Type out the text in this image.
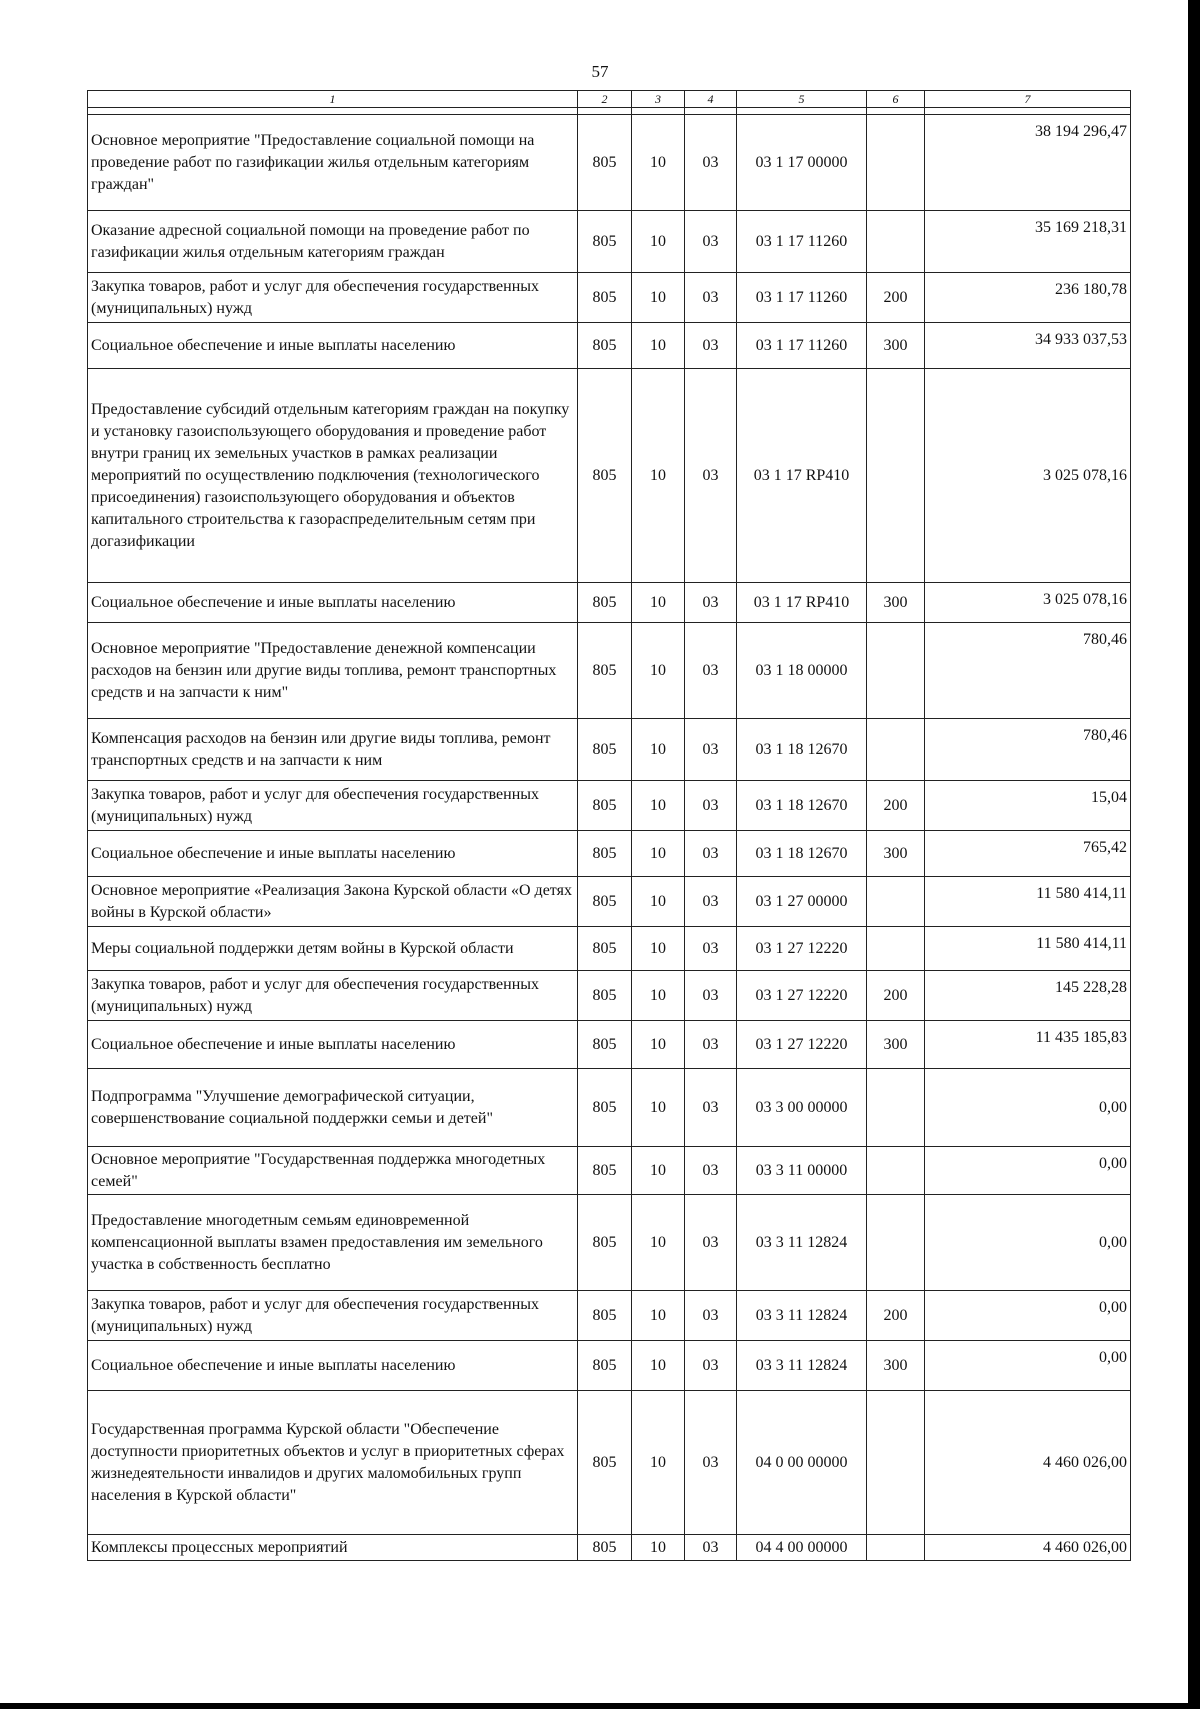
57
1	2	3	4	5	6	7

Основное мероприятие "Предоставление социальной помощи на проведение работ по газификации жилья отдельным категориям граждан"	805	10	03	03 1 17 00000		38 194 296,47
Оказание адресной социальной помощи на проведение работ по газификации жилья отдельным категориям граждан	805	10	03	03 1 17 11260		35 169 218,31
Закупка товаров, работ и услуг для обеспечения государственных (муниципальных) нужд	805	10	03	03 1 17 11260	200	236 180,78
Социальное обеспечение и иные выплаты населению	805	10	03	03 1 17 11260	300	34 933 037,53
Предоставление субсидий отдельным категориям граждан на покупку и установку газоиспользующего оборудования и проведение работ внутри границ их земельных участков в рамках реализации мероприятий по осуществлению подключения (технологического присоединения) газоиспользующего оборудования и объектов капитального строительства к газораспределительным сетям при догазификации	805	10	03	03 1 17 RP410		3 025 078,16
Социальное обеспечение и иные выплаты населению	805	10	03	03 1 17 RP410	300	3 025 078,16
Основное мероприятие "Предоставление денежной компенсации расходов на бензин или другие виды топлива, ремонт транспортных средств и на запчасти к ним"	805	10	03	03 1 18 00000		780,46
Компенсация расходов на бензин или другие виды топлива, ремонт транспортных средств и на запчасти к ним	805	10	03	03 1 18 12670		780,46
Закупка товаров, работ и услуг для обеспечения государственных (муниципальных) нужд	805	10	03	03 1 18 12670	200	15,04
Социальное обеспечение и иные выплаты населению	805	10	03	03 1 18 12670	300	765,42
Основное мероприятие «Реализация Закона Курской области «О детях войны в Курской области»	805	10	03	03 1 27 00000		11 580 414,11
Меры социальной поддержки детям войны в Курской области	805	10	03	03 1 27 12220		11 580 414,11
Закупка товаров, работ и услуг для обеспечения государственных (муниципальных) нужд	805	10	03	03 1 27 12220	200	145 228,28
Социальное обеспечение и иные выплаты населению	805	10	03	03 1 27 12220	300	11 435 185,83
Подпрограмма "Улучшение демографической ситуации, совершенствование социальной поддержки семьи и детей"	805	10	03	03 3 00 00000		0,00
Основное мероприятие "Государственная поддержка многодетных семей"	805	10	03	03 3 11 00000		0,00
Предоставление многодетным семьям единовременной компенсационной выплаты взамен предоставления им земельного участка в собственность бесплатно	805	10	03	03 3 11 12824		0,00
Закупка товаров, работ и услуг для обеспечения государственных (муниципальных) нужд	805	10	03	03 3 11 12824	200	0,00
Социальное обеспечение и иные выплаты населению	805	10	03	03 3 11 12824	300	0,00
Государственная программа Курской области "Обеспечение доступности приоритетных объектов и услуг в приоритетных сферах жизнедеятельности инвалидов и других маломобильных групп населения в Курской области"	805	10	03	04 0 00 00000		4 460 026,00
Комплексы процессных мероприятий	805	10	03	04 4 00 00000		4 460 026,00
